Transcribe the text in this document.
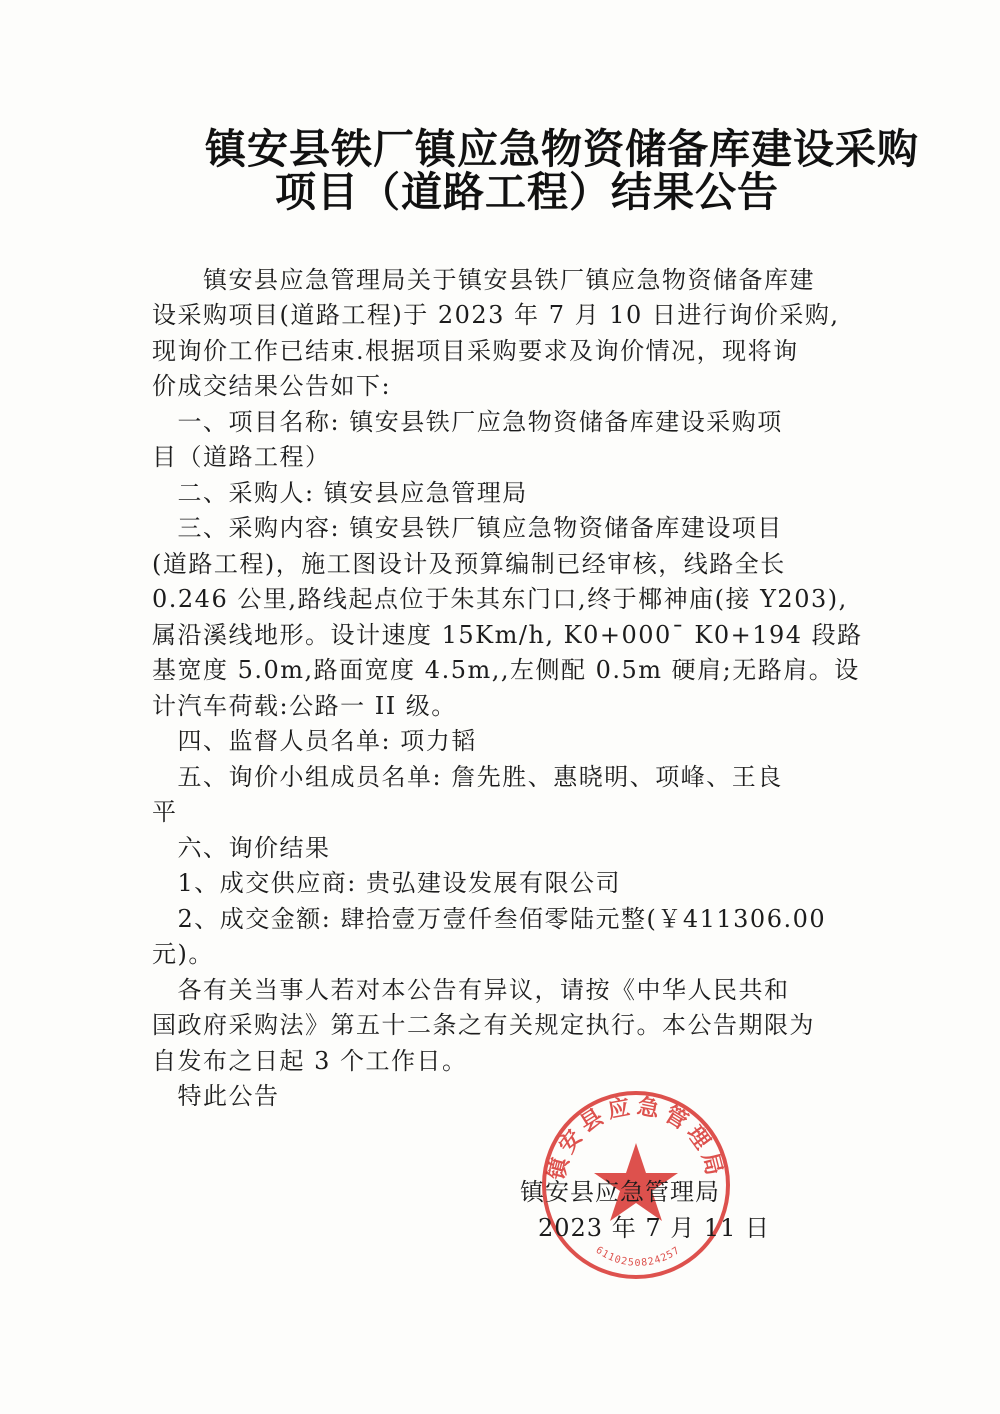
镇安县铁厂镇应急物资储备库建设采购
项目（道路工程）结果公告
　　镇安县应急管理局关于镇安县铁厂镇应急物资储备库建
设采购项目(道路工程)于 2023 年 7 月 10 日进行询价采购,
现询价工作已结束.根据项目采购要求及询价情况，现将询
价成交结果公告如下:
　一、项目名称: 镇安县铁厂应急物资储备库建设采购项
目（道路工程）
　二、采购人: 镇安县应急管理局
　三、采购内容: 镇安县铁厂镇应急物资储备库建设项目
(道路工程)，施工图设计及预算编制已经审核，线路全长
0.246 公里,路线起点位于朱其东门口,终于椰神庙(接 Y203),
属沿溪线地形。设计速度 15Km/h, K0+000¯ K0+194 段路
基宽度 5.0m,路面宽度 4.5m,,左侧配 0.5m 硬肩;无路肩。设
计汽车荷载:公路一 II 级。
　四、监督人员名单: 项力韬
　五、询价小组成员名单: 詹先胜、惠晓明、项峰、王良
平
　六、询价结果
　1、成交供应商: 贵弘建设发展有限公司
　2、成交金额: 肆拾壹万壹仟叁佰零陆元整(￥411306.00
元)。
　各有关当事人若对本公告有异议，请按《中华人民共和
国政府采购法》第五十二条之有关规定执行。本公告期限为
自发布之日起 3 个工作日。
　特此公告
镇安县应急管理局
6110250824257
镇安县应急管理局
2023 年 7 月 11 日
